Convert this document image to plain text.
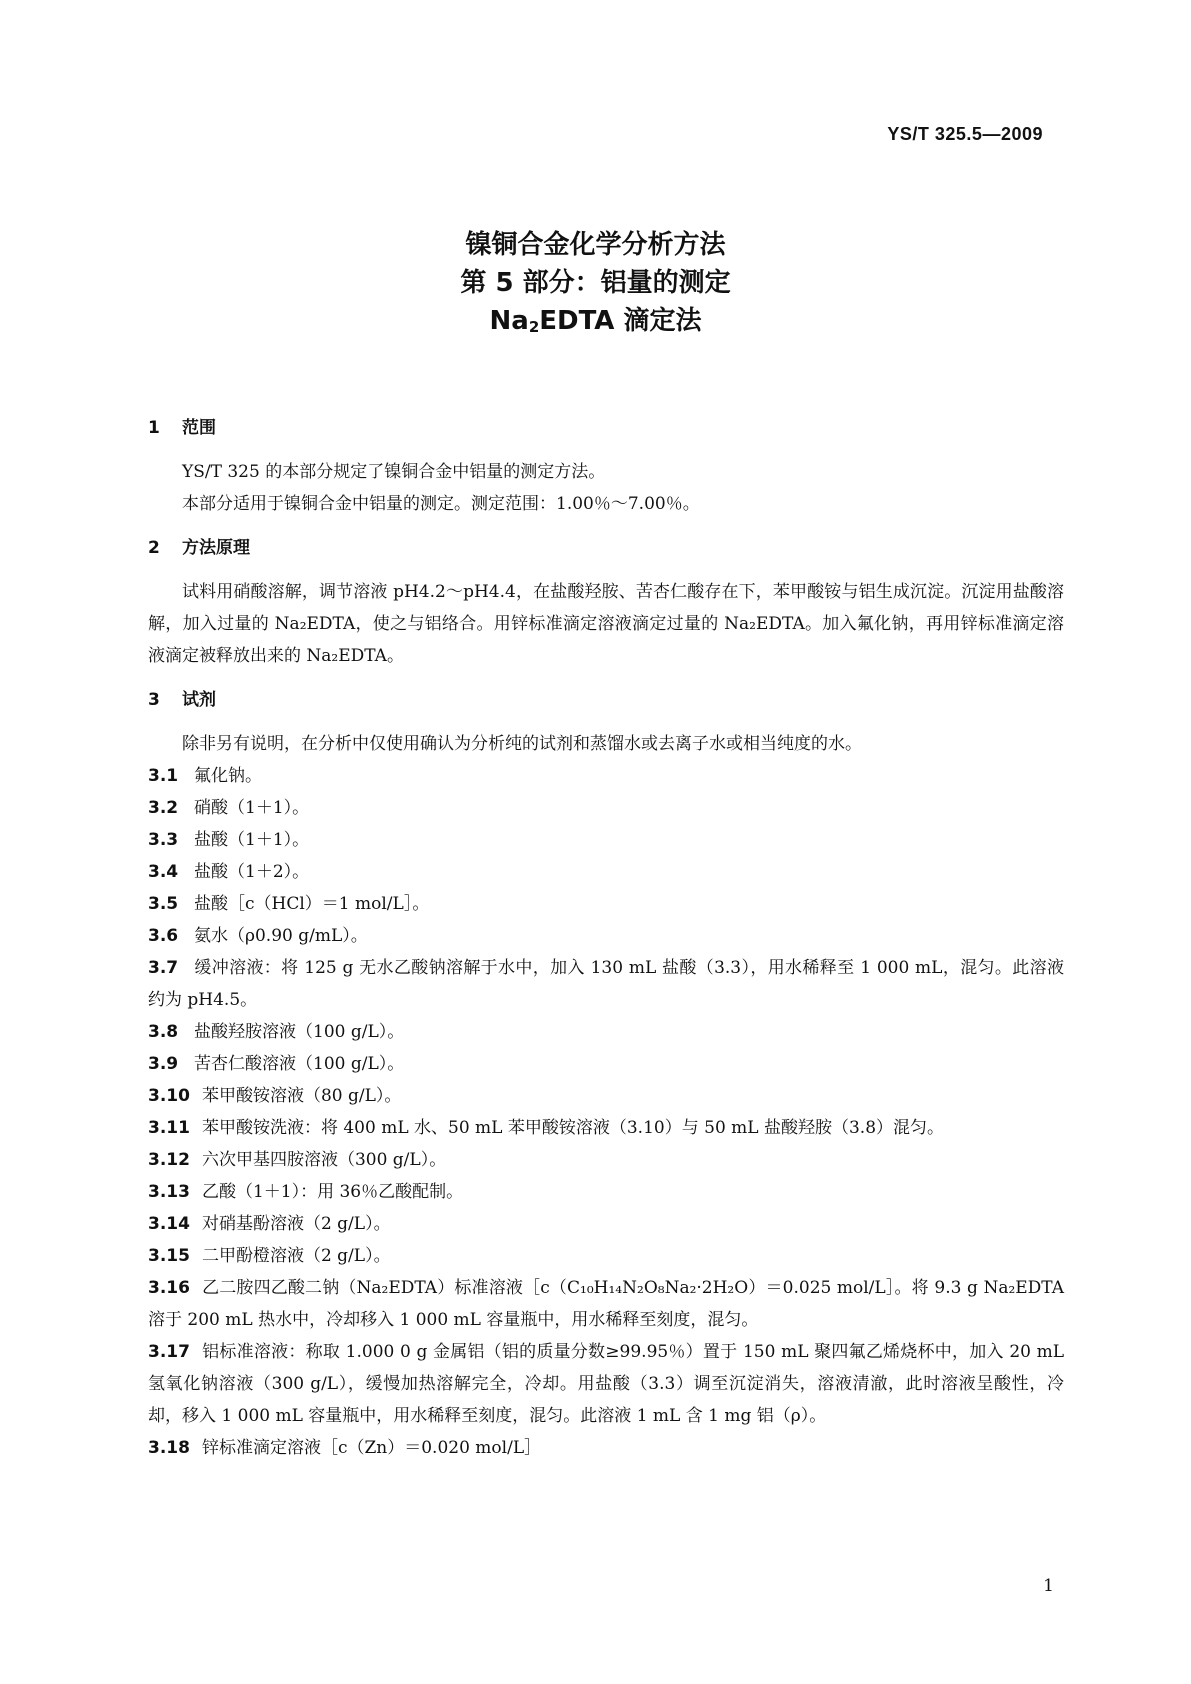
YS/T 325.5—2009
镍铜合金化学分析方法
第 5 部分：铝量的测定
$Na_2EDTA$ 滴定法
1 范围

YS/T 325 的本部分规定了镍铜合金中铝量的测定方法。

本部分适用于镍铜合金中铝量的测定。测定范围：1.00％～7.00％。

2 方法原理

试料用硝酸溶解，调节溶液 pH4.2～pH4.4，在盐酸羟胺、苦杏仁酸存在下，苯甲酸铵与铝生成沉淀。沉淀用盐酸溶解，加入过量的 Na₂EDTA，使之与铝络合。用锌标准滴定溶液滴定过量的 Na₂EDTA。加入氟化钠，再用锌标准滴定溶液滴定被释放出来的 Na₂EDTA。

3 试剂

除非另有说明，在分析中仅使用确认为分析纯的试剂和蒸馏水或去离子水或相当纯度的水。

3.1 氟化钠。
3.2 硝酸（1＋1）。
3.3 盐酸（1＋1）。
3.4 盐酸（1＋2）。
3.5 盐酸［c（HCl）＝1 mol/L］。
3.6 氨水（ρ0.90 g/mL）。
3.7 缓冲溶液：将 125 g 无水乙酸钠溶解于水中，加入 130 mL 盐酸（3.3），用水稀释至 1 000 mL，混匀。此溶液约为 pH4.5。
3.8 盐酸羟胺溶液（100 g/L）。
3.9 苦杏仁酸溶液（100 g/L）。
3.10 苯甲酸铵溶液（80 g/L）。
3.11 苯甲酸铵洗液：将 400 mL 水、50 mL 苯甲酸铵溶液（3.10）与 50 mL 盐酸羟胺（3.8）混匀。
3.12 六次甲基四胺溶液（300 g/L）。
3.13 乙酸（1＋1）：用 36％乙酸配制。
3.14 对硝基酚溶液（2 g/L）。
3.15 二甲酚橙溶液（2 g/L）。
3.16 乙二胺四乙酸二钠（Na₂EDTA）标准溶液［c（C₁₀H₁₄N₂O₈Na₂·2H₂O）＝0.025 mol/L］。将 9.3 g Na₂EDTA 溶于 200 mL 热水中，冷却移入 1 000 mL 容量瓶中，用水稀释至刻度，混匀。
3.17 铝标准溶液：称取 1.000 0 g 金属铝（铝的质量分数≥99.95％）置于 150 mL 聚四氟乙烯烧杯中，加入 20 mL 氢氧化钠溶液（300 g/L），缓慢加热溶解完全，冷却。用盐酸（3.3）调至沉淀消失，溶液清澈，此时溶液呈酸性，冷却，移入 1 000 mL 容量瓶中，用水稀释至刻度，混匀。此溶液 1 mL 含 1 mg 铝（ρ）。
3.18 锌标准滴定溶液［c（Zn）＝0.020 mol/L］
1
